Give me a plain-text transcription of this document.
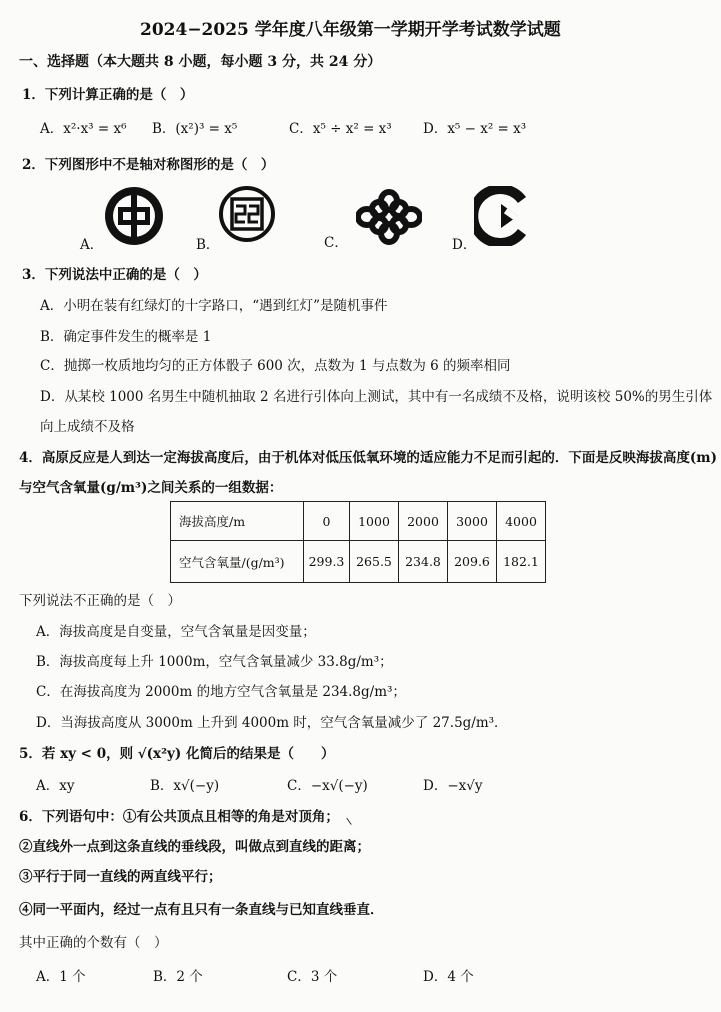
2024−2025 学年度八年级第一学期开学考试数学试题
一、选择题（本大题共 8 小题，每小题 3 分，共 24 分）
1．下列计算正确的是（　）
A．x²·x³ = x⁶ B．(x²)³ = x⁵	C．x⁵ ÷ x² = x³ D．x⁵ − x² = x³
2．下列图形中不是轴对称图形的是（　）
A．	B．	C．	D．
3．下列说法中正确的是（　）
A．小明在装有红绿灯的十字路口，“遇到红灯”是随机事件
B．确定事件发生的概率是 1
C．抛掷一枚质地均匀的正方体骰子 600 次，点数为 1 与点数为 6 的频率相同
D．从某校 1000 名男生中随机抽取 2 名进行引体向上测试，其中有一名成绩不及格，说明该校 50%的男生引体
向上成绩不及格
4．高原反应是人到达一定海拔高度后，由于机体对低压低氧环境的适应能力不足而引起的．下面是反映海拔高度(m)
与空气含氧量(g/m³)之间关系的一组数据：
海拔高度/m	0	1000	2000	3000	4000
空气含氧量/(g/m³)	299.3	265.5	234.8	209.6	182.1
下列说法不正确的是（　）
A．海拔高度是自变量，空气含氧量是因变量；
B．海拔高度每上升 1000m，空气含氧量减少 33.8g/m³；
C．在海拔高度为 2000m 的地方空气含氧量是 234.8g/m³；
D．当海拔高度从 3000m 上升到 4000m 时，空气含氧量减少了 27.5g/m³．
5．若 xy < 0，则 √(x²y) 化简后的结果是（　　）
A．xy	B．x√(−y)	C．−x√(−y)	D．−x√y
6．下列语句中：①有公共顶点且相等的角是对顶角；
②直线外一点到这条直线的垂线段，叫做点到直线的距离；
③平行于同一直线的两直线平行；
④同一平面内，经过一点有且只有一条直线与已知直线垂直．
其中正确的个数有（　）
A．1 个	B．2 个	C．3 个	D．4 个
